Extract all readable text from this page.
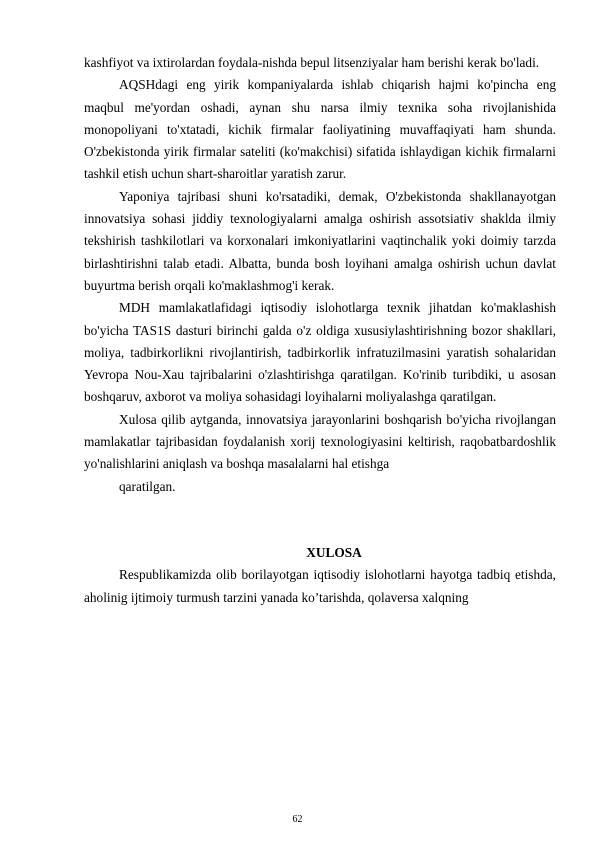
kashfiyot va ixtirolardan foydala-nishda bepul litsenziyalar ham berishi kerak bo'ladi.

AQSHdagi eng yirik kompaniyalarda ishlab chiqarish hajmi ko'pincha eng maqbul me'yordan oshadi, aynan shu narsa ilmiy texnika soha rivojlanishida monopoliyani to'xtatadi, kichik firmalar faoliyatining muvaffaqiyati ham shunda. O'zbekistonda yirik firmalar sateliti (ko'makchisi) sifatida ishlaydigan kichik firmalarni tashkil etish uchun shart-sharoitlar yaratish zarur.

Yaponiya tajribasi shuni ko'rsatadiki, demak, O'zbekistonda shakllanayotgan innovatsiya sohasi jiddiy texnologiyalarni amalga oshirish assotsiativ shaklda ilmiy tekshirish tashkilotlari va korxonalari imkoniyatlarini vaqtinchalik yoki doimiy tarzda birlashtirishni talab etadi. Albatta, bunda bosh loyihani amalga oshirish uchun davlat buyurtma berish orqali ko'maklashmog'i kerak.

MDH mamlakatlafidagi iqtisodiy islohotlarga texnik jihatdan ko'maklashish bo'yicha TAS1S dasturi birinchi galda o'z oldiga xususiylashtirishning bozor shakllari, moliya, tadbirkorlikni rivojlantirish, tadbirkorlik infratuzilmasini yaratish sohalaridan Yevropa Nou-Xau tajribalarini o'zlashtirishga qaratilgan. Ko'rinib turibdiki, u asosan boshqaruv, axborot va moliya sohasidagi loyihalarni moliyalashga qaratilgan.

Xulosa qilib aytganda, innovatsiya jarayonlarini boshqarish bo'yicha rivojlangan mamlakatlar tajribasidan foydalanish xorij texnologiyasini keltirish, raqobatbardoshlik yo'nalishlarini aniqlash va boshqa masalalarni hal etishga

qaratilgan.

XULOSA

Respublikamizda olib borilayotgan iqtisodiy islohotlarni hayotga tadbiq etishda, aholinig ijtimoiy turmush tarzini yanada ko’tarishda, qolaversa xalqning

62
